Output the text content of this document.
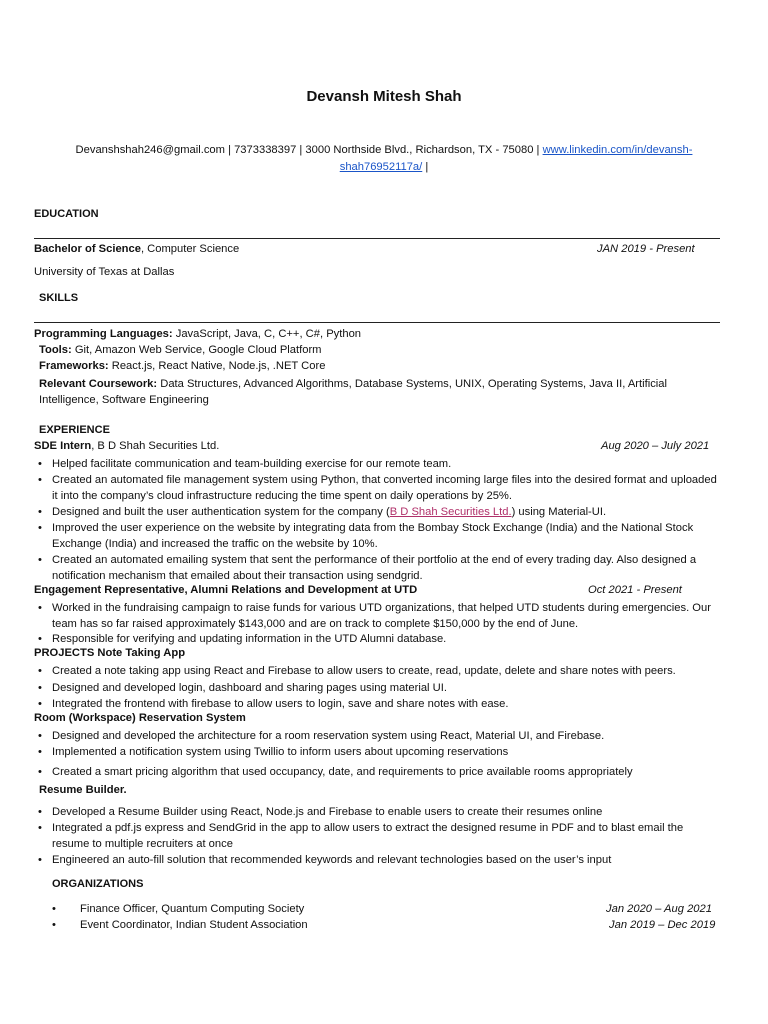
Devansh Mitesh Shah
Devanshshah246@gmail.com | 7373338397 | 3000 Northside Blvd., Richardson, TX - 75080 | www.linkedin.com/in/devansh-
shah76952117a/ |
EDUCATION
Bachelor of Science, Computer Science	JAN 2019 - Present
University of Texas at Dallas
SKILLS
Programming Languages: JavaScript, Java, C, C++, C#, Python
Tools: Git, Amazon Web Service, Google Cloud Platform
Frameworks: React.js, React Native, Node.js, .NET Core
Relevant Coursework: Data Structures, Advanced Algorithms, Database Systems, UNIX, Operating Systems, Java II, Artificial Intelligence, Software Engineering
EXPERIENCE
SDE Intern, B D Shah Securities Ltd.	Aug 2020 – July 2021
• Helped facilitate communication and team-building exercise for our remote team.
• Created an automated file management system using Python, that converted incoming large files into the desired format and uploaded it into the company’s cloud infrastructure reducing the time spent on daily operations by 25%.
• Designed and built the user authentication system for the company (B D Shah Securities Ltd.) using Material-UI.
• Improved the user experience on the website by integrating data from the Bombay Stock Exchange (India) and the National Stock Exchange (India) and increased the traffic on the website by 10%.
• Created an automated emailing system that sent the performance of their portfolio at the end of every trading day. Also designed a notification mechanism that emailed about their transaction using sendgrid.
Engagement Representative, Alumni Relations and Development at UTD	Oct 2021 - Present
• Worked in the fundraising campaign to raise funds for various UTD organizations, that helped UTD students during emergencies. Our team has so far raised approximately $143,000 and are on track to complete $150,000 by the end of June.
• Responsible for verifying and updating information in the UTD Alumni database.
PROJECTS Note Taking App
• Created a note taking app using React and Firebase to allow users to create, read, update, delete and share notes with peers.
• Designed and developed login, dashboard and sharing pages using material UI.
• Integrated the frontend with firebase to allow users to login, save and share notes with ease.
Room (Workspace) Reservation System
• Designed and developed the architecture for a room reservation system using React, Material UI, and Firebase.
• Implemented a notification system using Twillio to inform users about upcoming reservations
• Created a smart pricing algorithm that used occupancy, date, and requirements to price available rooms appropriately
Resume Builder.
• Developed a Resume Builder using React, Node.js and Firebase to enable users to create their resumes online
• Integrated a pdf.js express and SendGrid in the app to allow users to extract the designed resume in PDF and to blast email the resume to multiple recruiters at once
• Engineered an auto-fill solution that recommended keywords and relevant technologies based on the user’s input
ORGANIZATIONS
• Finance Officer, Quantum Computing Society	Jan 2020 – Aug 2021
• Event Coordinator, Indian Student Association	Jan 2019 – Dec 2019
